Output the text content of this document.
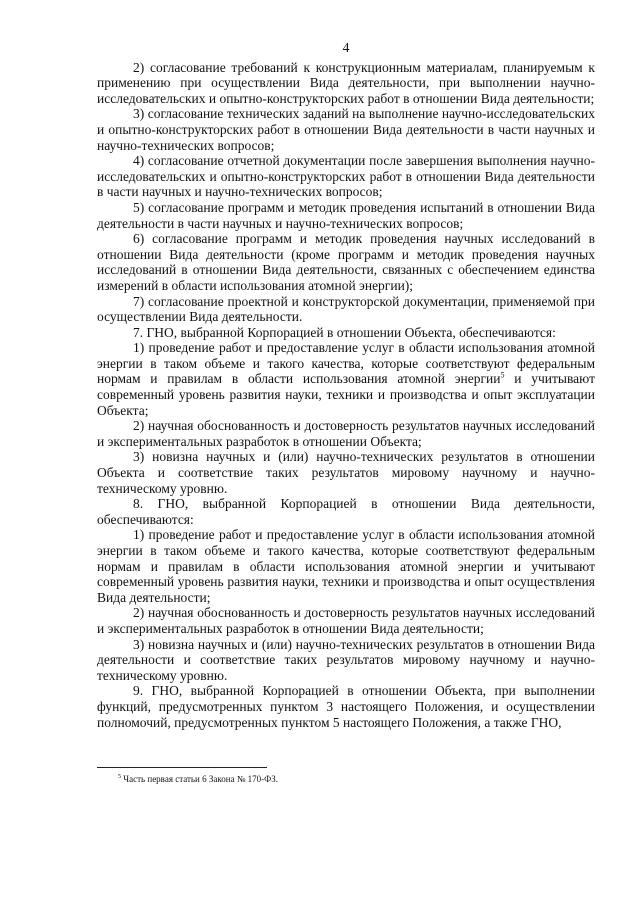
4

2) согласование требований к конструкционным материалам, планируемым к применению при осуществлении Вида деятельности, при выполнении научно-исследовательских и опытно-конструкторских работ в отношении Вида деятельности;

3) согласование технических заданий на выполнение научно-исследовательских и опытно-конструкторских работ в отношении Вида деятельности в части научных и научно-технических вопросов;

4) согласование отчетной документации после завершения выполнения научно-исследовательских и опытно-конструкторских работ в отношении Вида деятельности в части научных и научно-технических вопросов;

5) согласование программ и методик проведения испытаний в отношении Вида деятельности в части научных и научно-технических вопросов;

6) согласование программ и методик проведения научных исследований в отношении Вида деятельности (кроме программ и методик проведения научных исследований в отношении Вида деятельности, связанных с обеспечением единства измерений в области использования атомной энергии);

7) согласование проектной и конструкторской документации, применяемой при осуществлении Вида деятельности.

7. ГНО, выбранной Корпорацией в отношении Объекта, обеспечиваются:

1) проведение работ и предоставление услуг в области использования атомной энергии в таком объеме и такого качества, которые соответствуют федеральным нормам и правилам в области использования атомной энергии$^5$ и учитывают современный уровень развития науки, техники и производства и опыт эксплуатации Объекта;

2) научная обоснованность и достоверность результатов научных исследований и экспериментальных разработок в отношении Объекта;

3) новизна научных и (или) научно-технических результатов в отношении Объекта и соответствие таких результатов мировому научному и научно-техническому уровню.

8. ГНО, выбранной Корпорацией в отношении Вида деятельности, обеспечиваются:

1) проведение работ и предоставление услуг в области использования атомной энергии в таком объеме и такого качества, которые соответствуют федеральным нормам и правилам в области использования атомной энергии и учитывают современный уровень развития науки, техники и производства и опыт осуществления Вида деятельности;

2) научная обоснованность и достоверность результатов научных исследований и экспериментальных разработок в отношении Вида деятельности;

3) новизна научных и (или) научно-технических результатов в отношении Вида деятельности и соответствие таких результатов мировому научному и научно-техническому уровню.

9. ГНО, выбранной Корпорацией в отношении Объекта, при выполнении функций, предусмотренных пунктом 3 настоящего Положения, и осуществлении полномочий, предусмотренных пунктом 5 настоящего Положения, а также ГНО,

$^5$ Часть первая статьи 6 Закона № 170-ФЗ.
